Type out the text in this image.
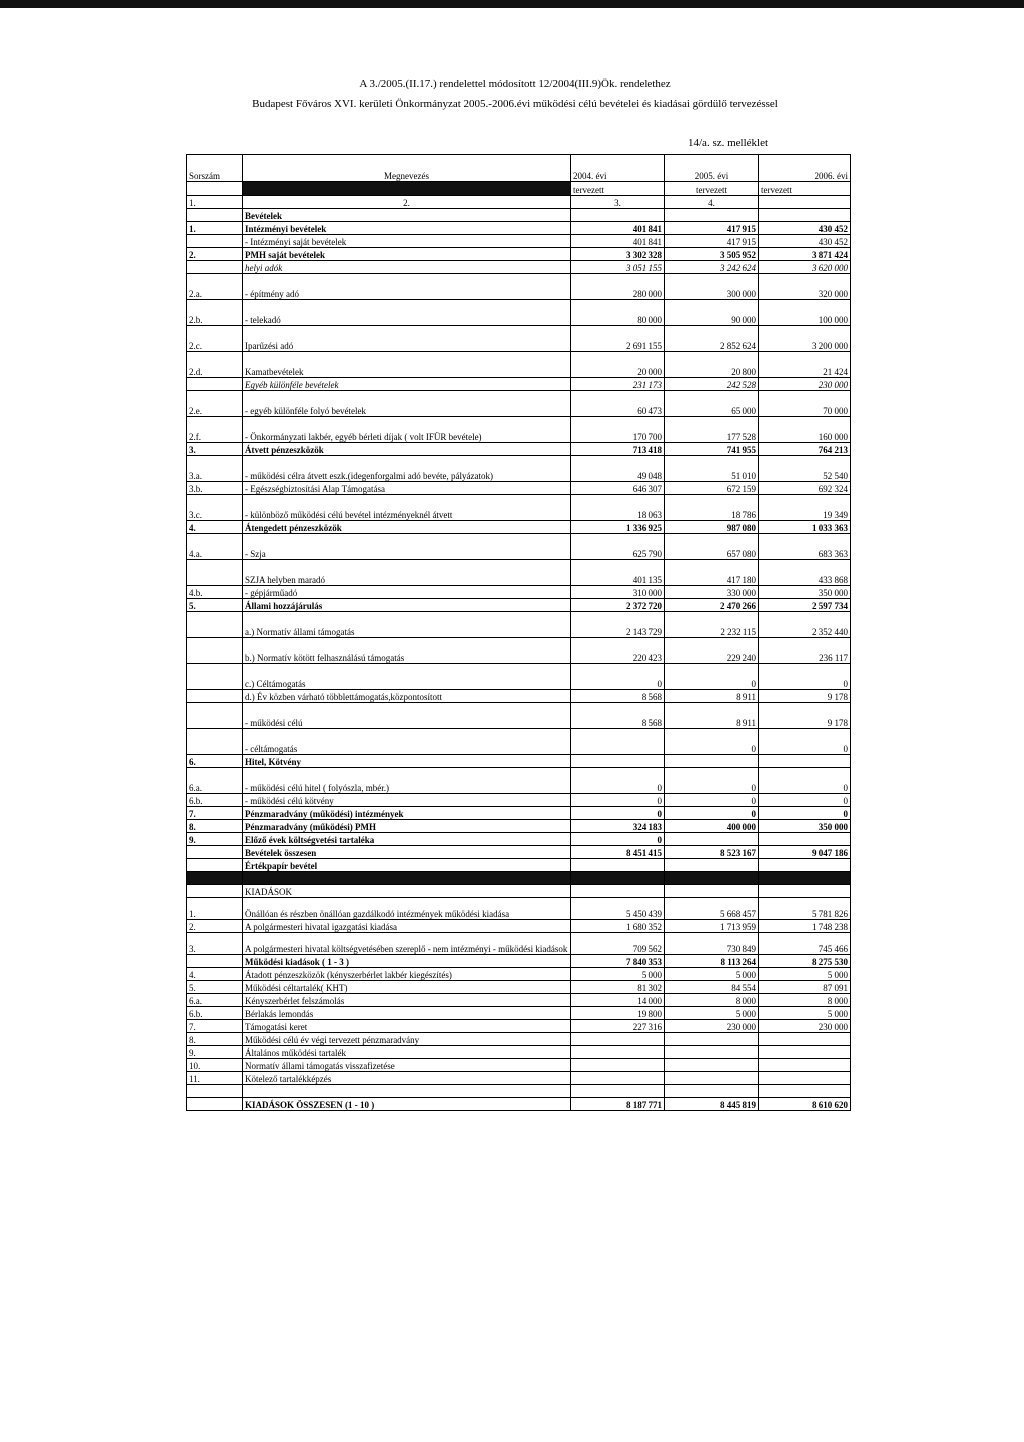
A 3./2005.(II.17.) rendelettel módosított 12/2004(III.9)Ök. rendelethez
Budapest Főváros XVI. kerületi Önkormányzat 2005.-2006.évi működési célú bevételei és kiadásai gördülő tervezéssel
14/a. sz. melléklet
Sorszám	Megnevezés	2004. évi	2005. évi	2006. évi
		tervezett	tervezett	tervezett
1.	2.	3.	4.	
	Bevételek			
1.	Intézményi bevételek	401 841	417 915	430 452
	- Intézményi saját bevételek	401 841	417 915	430 452
2.	PMH saját bevételek	3 302 328	3 505 952	3 871 424
	helyi adók	3 051 155	3 242 624	3 620 000
2.a.	- építmény adó	280 000	300 000	320 000
2.b.	- telekadó	80 000	90 000	100 000
2.c.	Iparűzési adó	2 691 155	2 852 624	3 200 000
2.d.	Kamatbevételek	20 000	20 800	21 424
	Egyéb különféle bevételek	231 173	242 528	230 000
2.e.	- egyéb különféle folyó bevételek	60 473	65 000	70 000
2.f.	- Önkormányzati lakbér, egyéb bérleti díjak ( volt IFÜR bevétele)	170 700	177 528	160 000
3.	Átvett pénzeszközök	713 418	741 955	764 213
3.a.	- működési célra átvett eszk.(idegenforgalmi adó bevéte, pályázatok)	49 048	51 010	52 540
3.b.	- Egészségbiztosítási Alap Támogatása	646 307	672 159	692 324
3.c.	- különböző működési célú bevétel intézményeknél átvett	18 063	18 786	19 349
4.	Átengedett pénzeszközök	1 336 925	987 080	1 033 363
4.a.	- Szja	625 790	657 080	683 363
	SZJA helyben maradó	401 135	417 180	433 868
4.b.	- gépjárműadó	310 000	330 000	350 000
5.	Állami hozzájárulás	2 372 720	2 470 266	2 597 734
	a.) Normatív állami támogatás	2 143 729	2 232 115	2 352 440
	b.) Normatív kötött felhasználású támogatás	220 423	229 240	236 117
	c.) Céltámogatás	0	0	0
	d.) Év közben várható többlettámogatás,központosított	8 568	8 911	9 178
	- működési célú	8 568	8 911	9 178
	- céltámogatás		0	0
6.	Hitel, Kötvény			
6.a.	- működési célú hitel ( folyószla, mbér.)	0	0	0
6.b.	- működési célú kötvény	0	0	0
7.	Pénzmaradvány (működési) intézmények	0	0	0
8.	Pénzmaradvány (működési) PMH	324 183	400 000	350 000
9.	Előző évek költségvetési tartaléka	0		
	Bevételek összesen	8 451 415	8 523 167	9 047 186
	Értékpapír bevétel			

	KIADÁSOK			
1.	Önállóan és részben önállóan gazdálkodó intézmények működési kiadása	5 450 439	5 668 457	5 781 826
2.	A polgármesteri hivatal igazgatási kiadása	1 680 352	1 713 959	1 748 238
3.	A polgármesteri hivatal költségvetésében szereplő - nem intézményi - működési kiadások	709 562	730 849	745 466
	Működési kiadások ( 1 - 3 )	7 840 353	8 113 264	8 275 530
4.	Átadott pénzeszközök (kényszerbérlet lakbér kiegészítés)	5 000	5 000	5 000
5.	Működési céltartalék( KHT)	81 302	84 554	87 091
6.a.	Kényszerbérlet felszámolás	14 000	8 000	8 000
6.b.	Bérlakás lemondás	19 800	5 000	5 000
7.	Támogatási keret	227 316	230 000	230 000
8.	Működési célú év végi tervezett pénzmaradvány			
9.	Általános működési tartalék			
10.	Normatív állami támogatás visszafizetése			
11.	Kötelező tartalékképzés			

	KIADÁSOK ÖSSZESEN (1 - 10 )	8 187 771	8 445 819	8 610 620
